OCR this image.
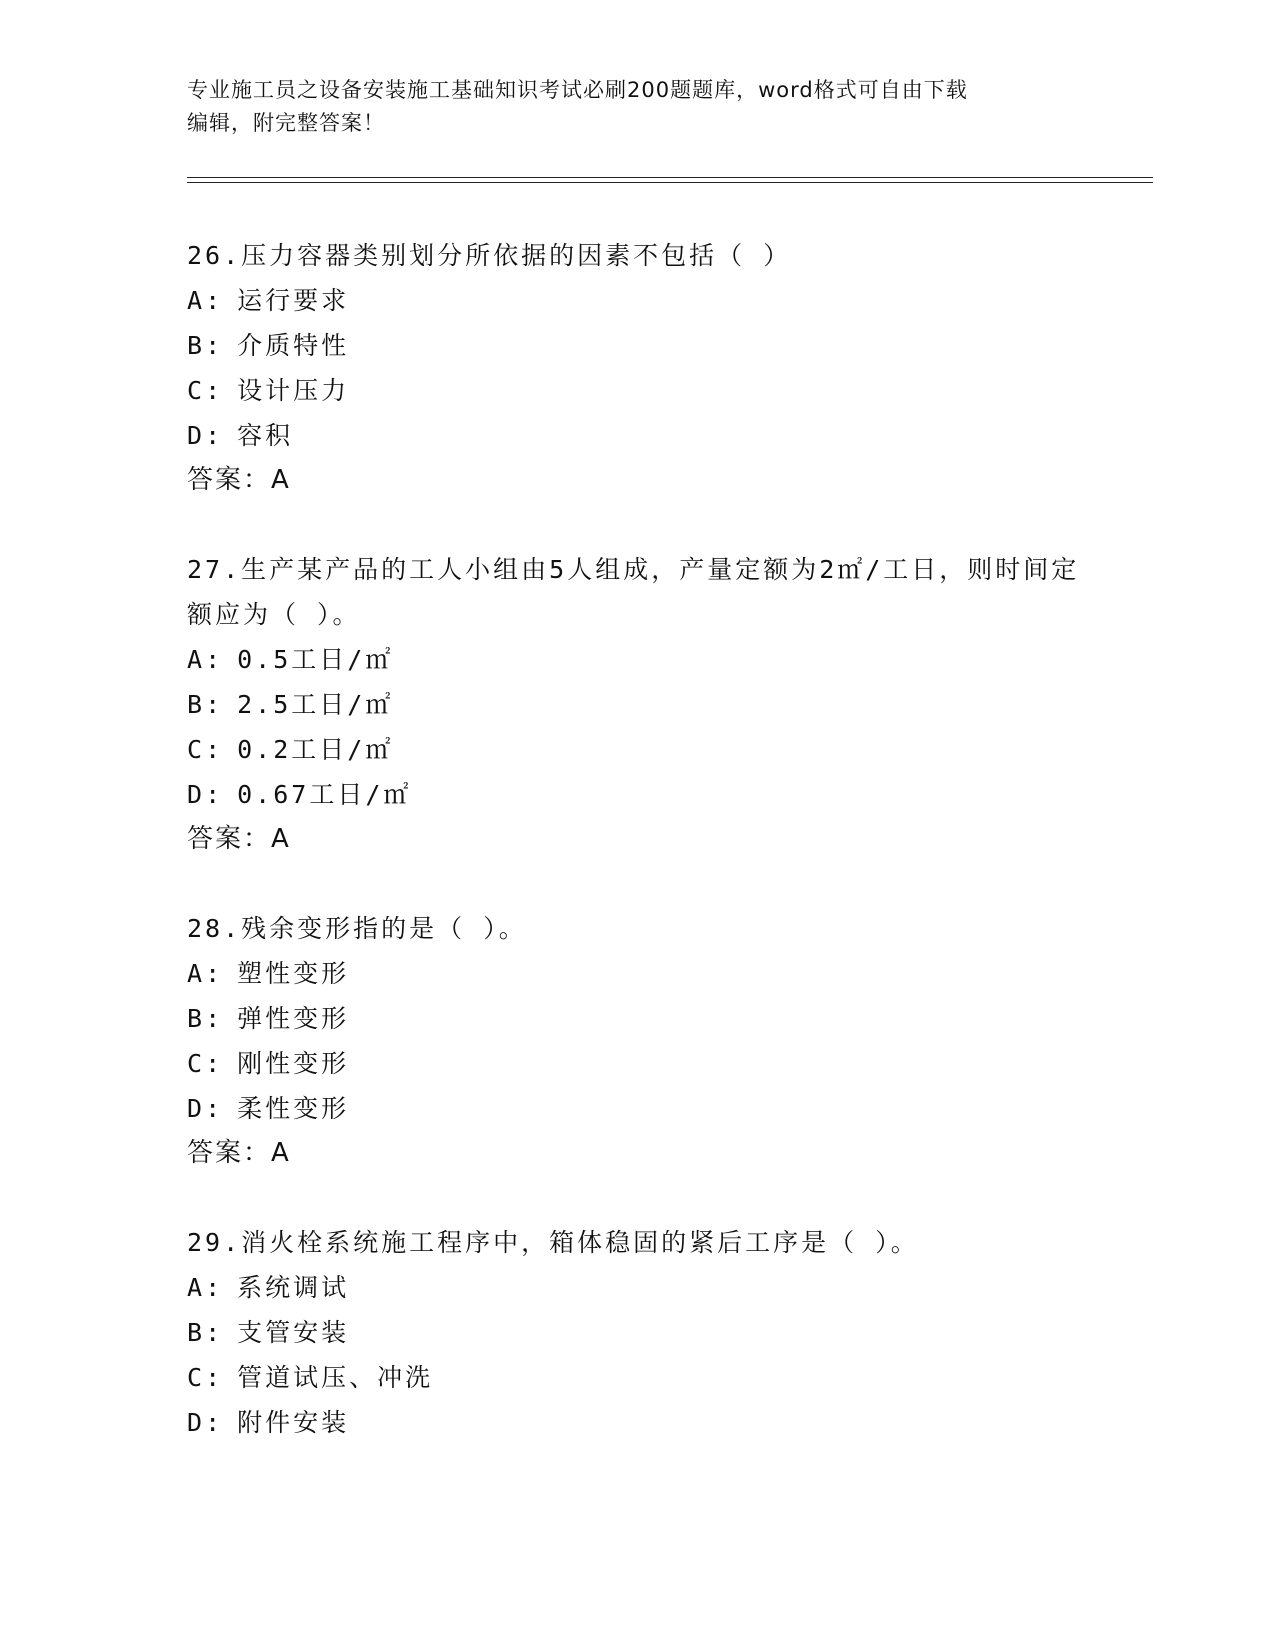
专业施工员之设备安装施工基础知识考试必刷200题题库，word格式可自由下载
编辑，附完整答案！
26.压力容器类别划分所依据的因素不包括（ ）
A: 运行要求
B: 介质特性
C: 设计压力
D: 容积
答案：A
27.生产某产品的工人小组由5人组成，产量定额为2㎡/工日，则时间定额应为（ ）。
A: 0.5工日/㎡
B: 2.5工日/㎡
C: 0.2工日/㎡
D: 0.67工日/㎡
答案：A
28.残余变形指的是（ ）。
A: 塑性变形
B: 弹性变形
C: 刚性变形
D: 柔性变形
答案：A
29.消火栓系统施工程序中，箱体稳固的紧后工序是（ ）。
A: 系统调试
B: 支管安装
C: 管道试压、冲洗
D: 附件安装
